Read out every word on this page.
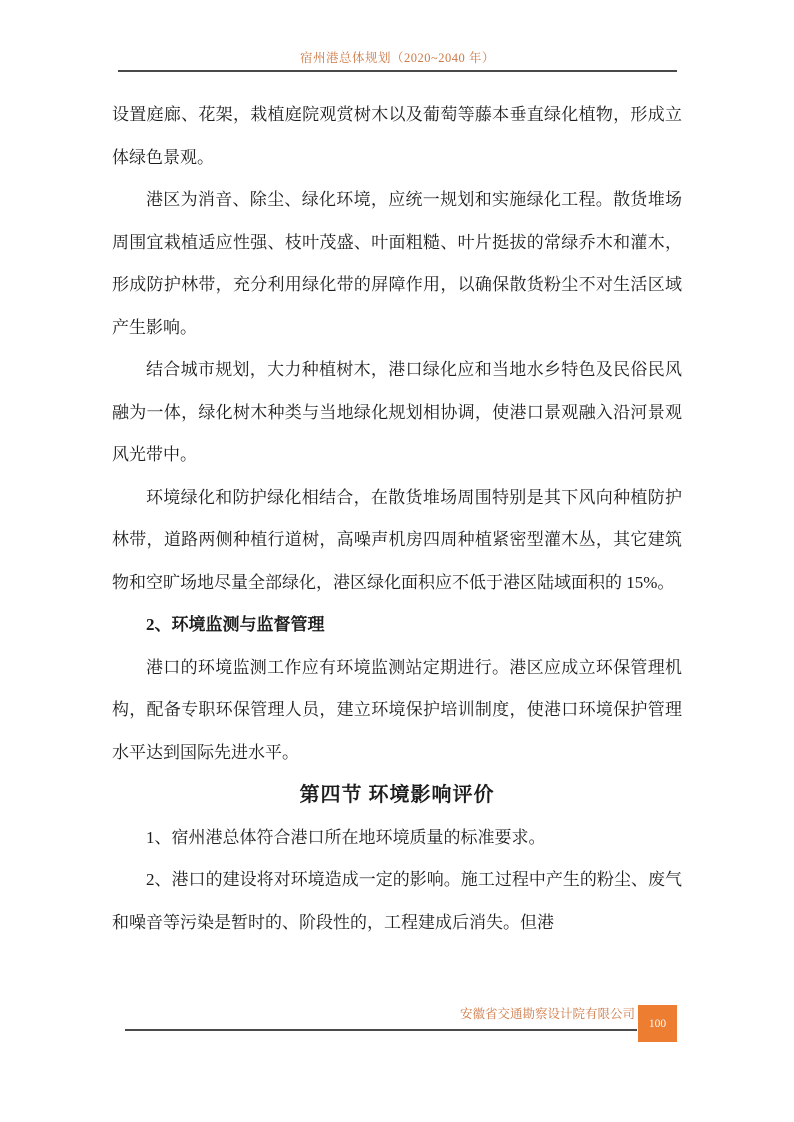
宿州港总体规划（2020~2040 年）

设置庭廊、花架，栽植庭院观赏树木以及葡萄等藤本垂直绿化植物，形成立体绿色景观。

港区为消音、除尘、绿化环境，应统一规划和实施绿化工程。散货堆场周围宜栽植适应性强、枝叶茂盛、叶面粗糙、叶片挺拔的常绿乔木和灌木，形成防护林带，充分利用绿化带的屏障作用，以确保散货粉尘不对生活区域产生影响。

结合城市规划，大力种植树木，港口绿化应和当地水乡特色及民俗民风融为一体，绿化树木种类与当地绿化规划相协调，使港口景观融入沿河景观风光带中。

环境绿化和防护绿化相结合，在散货堆场周围特别是其下风向种植防护林带，道路两侧种植行道树，高噪声机房四周种植紧密型灌木丛，其它建筑物和空旷场地尽量全部绿化，港区绿化面积应不低于港区陆域面积的 15%。

2、环境监测与监督管理

港口的环境监测工作应有环境监测站定期进行。港区应成立环保管理机构，配备专职环保管理人员，建立环境保护培训制度，使港口环境保护管理水平达到国际先进水平。

第四节 环境影响评价

1、宿州港总体符合港口所在地环境质量的标准要求。

2、港口的建设将对环境造成一定的影响。施工过程中产生的粉尘、废气和噪音等污染是暂时的、阶段性的，工程建成后消失。但港

安徽省交通勘察设计院有限公司
100
